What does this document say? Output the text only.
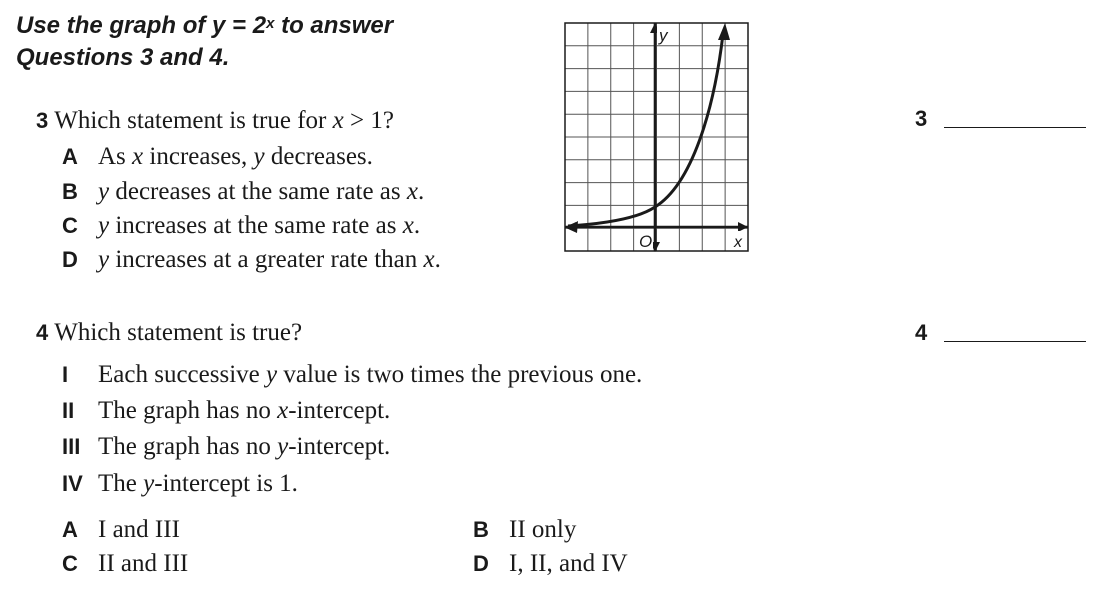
Use the graph of $y = 2^x$ to answer
Questions 3 and 4.
y
O	x
3 Which statement is true for x > 1?
A As x increases, y decreases.
B y decreases at the same rate as x.
C y increases at the same rate as x.
D y increases at a greater rate than x.
3
4 Which statement is true?
I Each successive y value is two times the previous one.
II The graph has no x-intercept.
III The graph has no y-intercept.
IV The y-intercept is 1.
A I and III	B II only
C II and III	D I, II, and IV
4
